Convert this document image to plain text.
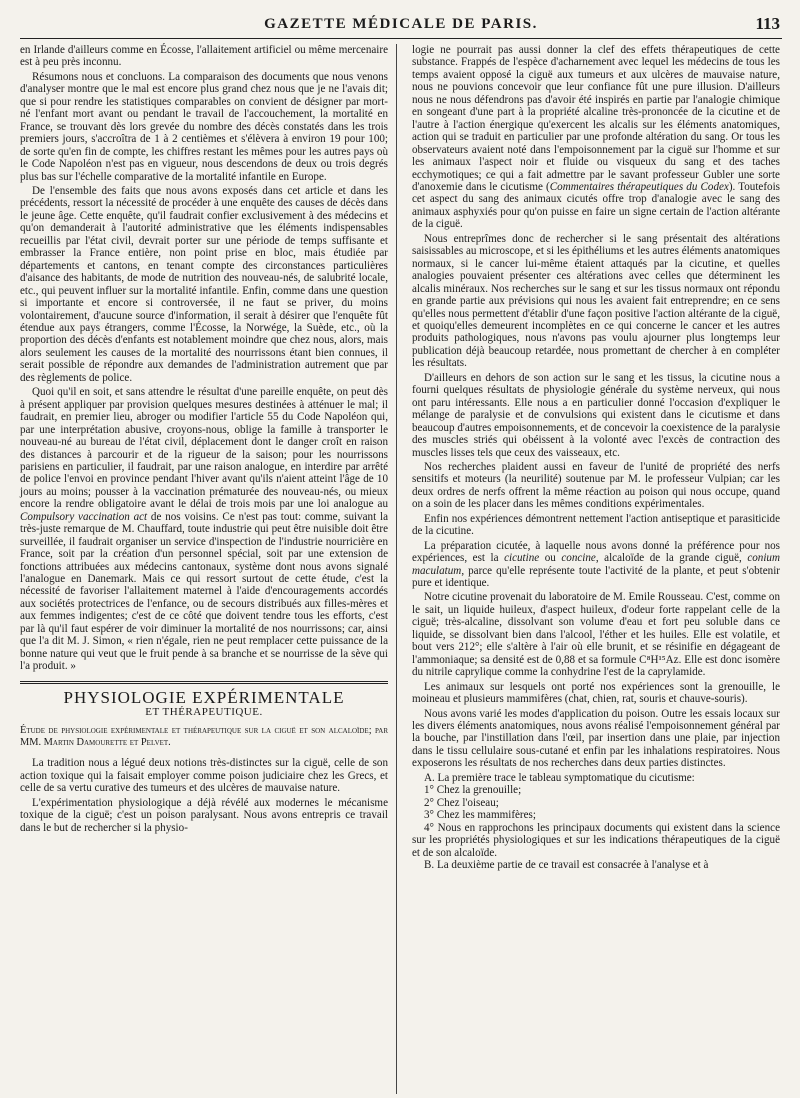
GAZETTE MÉDICALE DE PARIS.	113

en Irlande d'ailleurs comme en Écosse, l'allaitement artificiel ou même mercenaire est à peu près inconnu.

Résumons nous et concluons. La comparaison des documents que nous venons d'analyser montre que le mal est encore plus grand chez nous que je ne l'avais dit; que si pour rendre les statistiques comparables on convient de désigner par mort-né l'enfant mort avant ou pendant le travail de l'accouchement, la mortalité en France, se trouvant dès lors grevée du nombre des décès constatés dans les trois premiers jours, s'accroîtra de 1 à 2 centièmes et s'élèvera à environ 19 pour 100; de sorte qu'en fin de compte, les chiffres restant les mêmes pour les autres pays où le Code Napoléon n'est pas en vigueur, nous descendons de deux ou trois degrés plus bas sur l'échelle comparative de la mortalité infantile en Europe.

De l'ensemble des faits que nous avons exposés dans cet article et dans les précédents, ressort la nécessité de procéder à une enquête des causes de décès dans le jeune âge. Cette enquête, qu'il faudrait confier exclusivement à des médecins et qu'on demanderait à l'autorité administrative que les éléments indispensables recueillis par l'état civil, devrait porter sur une période de temps suffisante et embrasser la France entière, non point prise en bloc, mais étudiée par départements et cantons, en tenant compte des circonstances particulières d'aisance des habitants, de mode de nutrition des nouveau-nés, de salubrité locale, etc., qui peuvent influer sur la mortalité infantile. Enfin, comme dans une question si importante et encore si controversée, il ne faut se priver, du moins volontairement, d'aucune source d'information, il serait à désirer que l'enquête fût étendue aux pays étrangers, comme l'Écosse, la Norwége, la Suède, etc., où la proportion des décès d'enfants est notablement moindre que chez nous, alors, mais alors seulement les causes de la mortalité des nourrissons étant bien connues, il serait possible de répondre aux demandes de l'administration autrement que par des règlements de police.

Quoi qu'il en soit, et sans attendre le résultat d'une pareille enquête, on peut dès à présent appliquer par provision quelques mesures destinées à atténuer le mal; il faudrait, en premier lieu, abroger ou modifier l'article 55 du Code Napoléon qui, par une interprétation abusive, croyons-nous, oblige la famille à transporter le nouveau-né au bureau de l'état civil, déplacement dont le danger croît en raison des distances à parcourir et de la rigueur de la saison; pour les nourrissons parisiens en particulier, il faudrait, par une raison analogue, en interdire par arrêté de police l'envoi en province pendant l'hiver avant qu'ils n'aient atteint l'âge de 10 jours au moins; pousser à la vaccination prématurée des nouveau-nés, ou mieux encore la rendre obligatoire avant le délai de trois mois par une loi analogue au Compulsory vaccination act de nos voisins. Ce n'est pas tout: comme, suivant la très-juste remarque de M. Chauffard, toute industrie qui peut être nuisible doit être surveillée, il faudrait organiser un service d'inspection de l'industrie nourricière en France, soit par la création d'un personnel spécial, soit par une extension de fonctions attribuées aux médecins cantonaux, système dont nous avons signalé l'analogue en Danemark. Mais ce qui ressort surtout de cette étude, c'est la nécessité de favoriser l'allaitement maternel à l'aide d'encouragements accordés aux sociétés protectrices de l'enfance, ou de secours distribués aux filles-mères et aux femmes indigentes; c'est de ce côté que doivent tendre tous les efforts, c'est par là qu'il faut espérer de voir diminuer la mortalité de nos nourrissons; car, ainsi que l'a dit M. J. Simon, « rien n'égale, rien ne peut remplacer cette puissance de la bonne nature qui veut que le fruit pende à sa branche et se nourrisse de la sève qui l'a produit. »

PHYSIOLOGIE EXPÉRIMENTALE
ET THÉRAPEUTIQUE.

Étude de physiologie expérimentale et thérapeutique sur la ciguë et son alcaloïde; par MM. Martin Damourette et Pelvet.

La tradition nous a légué deux notions très-distinctes sur la ciguë, celle de son action toxique qui la faisait employer comme poison judiciaire chez les Grecs, et celle de sa vertu curative des tumeurs et des ulcères de mauvaise nature.

L'expérimentation physiologique a déjà révélé aux modernes le mécanisme toxique de la ciguë; c'est un poison paralysant. Nous avons entrepris ce travail dans le but de rechercher si la physio-

logie ne pourrait pas aussi donner la clef des effets thérapeutiques de cette substance. Frappés de l'espèce d'acharnement avec lequel les médecins de tous les temps avaient opposé la ciguë aux tumeurs et aux ulcères de mauvaise nature, nous ne pouvions concevoir que leur confiance fût une pure illusion. D'ailleurs nous ne nous défendrons pas d'avoir été inspirés en partie par l'analogie chimique en songeant d'une part à la propriété alcaline très-prononcée de la cicutine et de l'autre à l'action énergique qu'exercent les alcalis sur les éléments anatomiques, action qui se traduit en particulier par une profonde altération du sang. Or tous les observateurs avaient noté dans l'empoisonnement par la ciguë sur l'homme et sur les animaux l'aspect noir et fluide ou visqueux du sang et des taches ecchymotiques; ce qui a fait admettre par le savant professeur Gubler une sorte d'anoxemie dans le cicutisme (Commentaires thérapeutiques du Codex). Toutefois cet aspect du sang des animaux cicutés offre trop d'analogie avec le sang des animaux asphyxiés pour qu'on puisse en faire un signe certain de l'action altérante de la ciguë.

Nous entreprîmes donc de rechercher si le sang présentait des altérations saisissables au microscope, et si les épithéliums et les autres éléments anatomiques normaux, si le cancer lui-même étaient attaqués par la cicutine, et quelles analogies pouvaient présenter ces altérations avec celles que déterminent les alcalis minéraux. Nos recherches sur le sang et sur les tissus normaux ont répondu en grande partie aux prévisions qui nous les avaient fait entreprendre; en ce sens qu'elles nous permettent d'établir d'une façon positive l'action altérante de la ciguë, et quoiqu'elles demeurent incomplètes en ce qui concerne le cancer et les autres produits pathologiques, nous n'avons pas voulu ajourner plus longtemps leur publication déjà beaucoup retardée, nous promettant de chercher à en compléter les résultats.

D'ailleurs en dehors de son action sur le sang et les tissus, la cicutine nous a fourni quelques résultats de physiologie générale du système nerveux, qui nous ont paru intéressants. Elle nous a en particulier donné l'occasion d'expliquer le mélange de paralysie et de convulsions qui existent dans le cicutisme et dans beaucoup d'autres empoisonnements, et de concevoir la coexistence de la paralysie des muscles striés qui obéissent à la volonté avec l'excès de contraction des muscles lisses tels que ceux des vaisseaux, etc.

Nos recherches plaident aussi en faveur de l'unité de propriété des nerfs sensitifs et moteurs (la neurilité) soutenue par M. le professeur Vulpian; car les deux ordres de nerfs offrent la même réaction au poison qui nous occupe, quand on a soin de les placer dans les mêmes conditions expérimentales.

Enfin nos expériences démontrent nettement l'action antiseptique et parasiticide de la cicutine.

La préparation cicutée, à laquelle nous avons donné la préférence pour nos expériences, est la cicutine ou concine, alcaloïde de la grande ciguë, conium maculatum, parce qu'elle représente toute l'activité de la plante, et peut s'obtenir pure et identique.

Notre cicutine provenait du laboratoire de M. Emile Rousseau. C'est, comme on le sait, un liquide huileux, d'aspect huileux, d'odeur forte rappelant celle de la ciguë; très-alcaline, dissolvant son volume d'eau et fort peu soluble dans ce liquide, se dissolvant bien dans l'alcool, l'éther et les huiles. Elle est volatile, et bout vers 212°; elle s'altère à l'air où elle brunit, et se résinifie en dégageant de l'ammoniaque; sa densité est de 0,88 et sa formule C⁸H¹⁵Az. Elle est donc isomère du nitrile caprylique comme la conhydrine l'est de la caprylamide.

Les animaux sur lesquels ont porté nos expériences sont la grenouille, le moineau et plusieurs mammifères (chat, chien, rat, souris et chauve-souris).

Nous avons varié les modes d'application du poison. Outre les essais locaux sur les divers éléments anatomiques, nous avons réalisé l'empoisonnement général par la bouche, par l'instillation dans l'œil, par insertion dans une plaie, par injection dans le tissu cellulaire sous-cutané et enfin par les inhalations respiratoires. Nous exposerons les résultats de nos recherches dans deux parties distinctes.

A. La première trace le tableau symptomatique du cicutisme:

1° Chez la grenouille;

2° Chez l'oiseau;

3° Chez les mammifères;

4° Nous en rapprochons les principaux documents qui existent dans la science sur les propriétés physiologiques et sur les indications thérapeutiques de la ciguë et de son alcaloïde.

B. La deuxième partie de ce travail est consacrée à l'analyse et à
